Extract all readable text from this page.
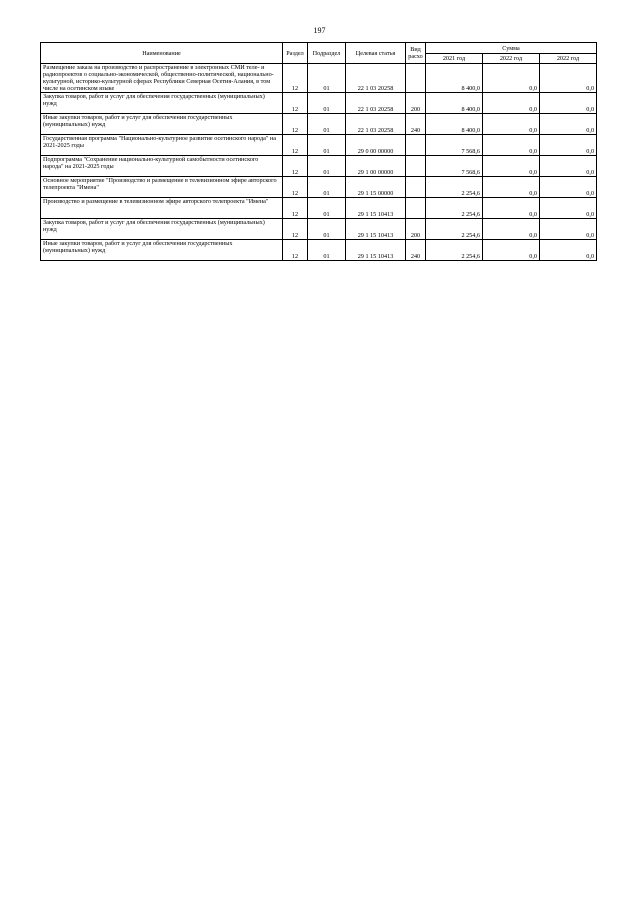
197
Наименование	Раздел	Подраздел	Целевая статья	Вид расхо	Сумма		
					2021 год	2022 год	2022 год
Размещение заказа на производство и распространение в электронных СМИ теле- и радиопроектов о социально-экономической, общественно-политической, национально-культурной, историко-культурной сферах Республики Северная Осетия-Алания, в том числе на осетинском языке	12	01	22 1 03 20258		8 400,0	0,0	0,0
Закупка товаров, работ и услуг для обеспечения государственных (муниципальных) нужд	12	01	22 1 03 20258	200	8 400,0	0,0	0,0
Иные закупки товаров, работ и услуг для обеспечения государственных (муниципальных) нужд	12	01	22 1 03 20258	240	8 400,0	0,0	0,0
Государственная программа "Национально-культурное развитие осетинского народа" на 2021-2025 годы	12	01	29 0 00 00000		7 568,6	0,0	0,0
Подпрограмма "Сохранение национально-культурной самобытности осетинского народа" на 2021-2025 годы	12	01	29 1 00 00000		7 568,6	0,0	0,0
Основное мероприятие "Производство и размещение в телевизионном эфире авторского телепроекта "Имена"	12	01	29 1 15 00000		2 254,6	0,0	0,0
Производство и размещение в телевизионном эфире авторского телепроекта "Имена"	12	01	29 1 15 10413		2 254,6	0,0	0,0
Закупка товаров, работ и услуг для обеспечения государственных (муниципальных) нужд	12	01	29 1 15 10413	200	2 254,6	0,0	0,0
Иные закупки товаров, работ и услуг для обеспечения государственных (муниципальных) нужд	12	01	29 1 15 10413	240	2 254,6	0,0	0,0
